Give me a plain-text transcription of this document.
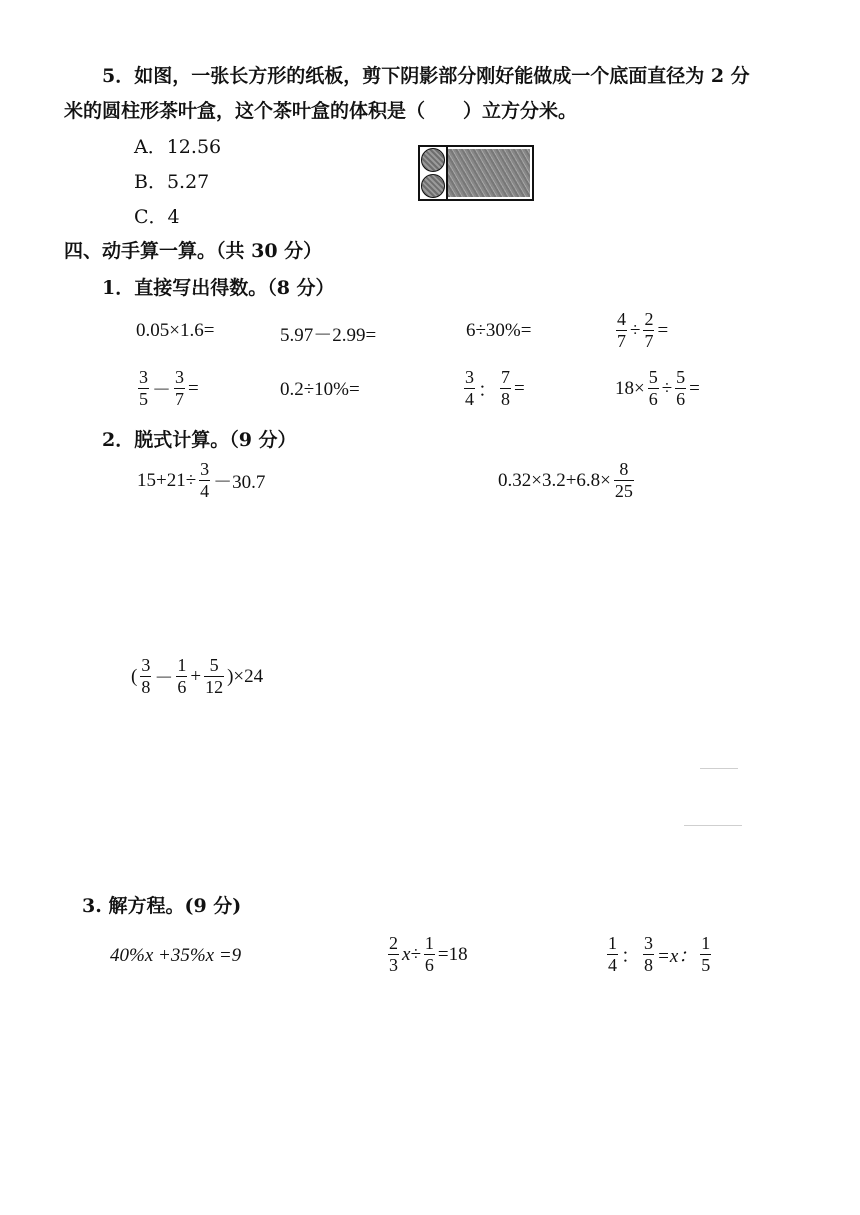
5．如图，一张长方形的纸板，剪下阴影部分刚好能做成一个底面直径为 2 分
米的圆柱形茶叶盒，这个茶叶盒的体积是（　　）立方分米。
A．12.56
B．5.27
C．4
四、动手算一算。（共 30 分）
1．直接写出得数。（8 分）
0.05×1.6=	5.97－2.99=	6÷30%=	$\frac{4}{7} \div \frac{2}{7}$ =
$\frac{3}{5} - \frac{3}{7}$ =	0.2÷10%=	$\frac{3}{4}$ ： $\frac{7}{8}$ =	$18\times \frac{5}{6} \div \frac{5}{6}$ =
2．脱式计算。（9 分）
$15+21\div \frac{3}{4} -30.7$	$0.32\times 3.2+6.8\times \frac{8}{25}$
( $\frac{3}{8} - \frac{1}{6} + \frac{5}{12} )\times 24$
3. 解方程。(9 分)
40%x +35%x =9	$\frac{2}{3} x\div \frac{1}{6} =18$	$\frac{1}{4}$ ： $\frac{3}{8} =x$： $\frac{1}{5}$
